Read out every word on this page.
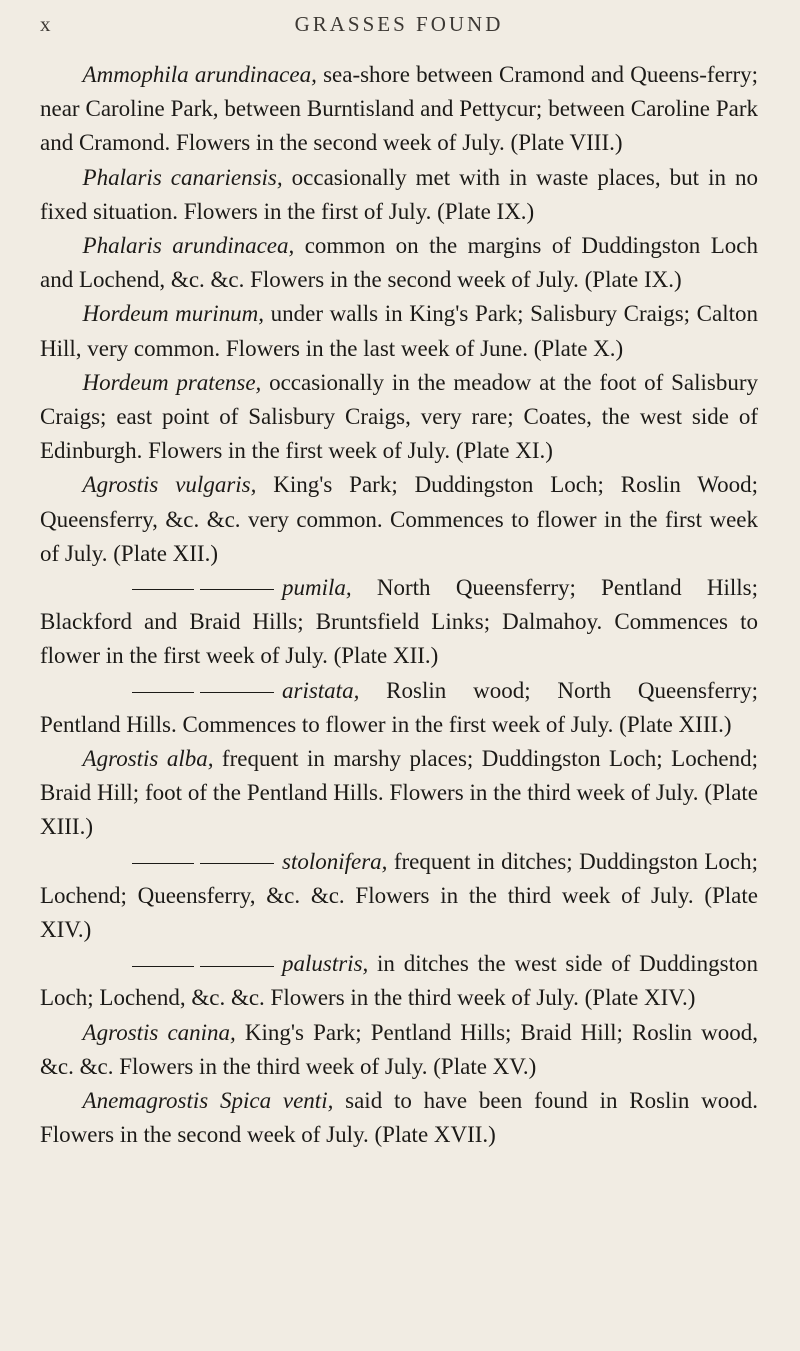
x	GRASSES FOUND

Ammophila arundinacea, sea-shore between Cramond and Queens-ferry; near Caroline Park, between Burntisland and Pettycur; between Caroline Park and Cramond. Flowers in the second week of July. (Plate VIII.)

Phalaris canariensis, occasionally met with in waste places, but in no fixed situation. Flowers in the first of July. (Plate IX.)

Phalaris arundinacea, common on the margins of Duddingston Loch and Lochend, &c. &c. Flowers in the second week of July. (Plate IX.)

Hordeum murinum, under walls in King's Park; Salisbury Craigs; Calton Hill, very common. Flowers in the last week of June. (Plate X.)

Hordeum pratense, occasionally in the meadow at the foot of Salisbury Craigs; east point of Salisbury Craigs, very rare; Coates, the west side of Edinburgh. Flowers in the first week of July. (Plate XI.)

Agrostis vulgaris, King's Park; Duddingston Loch; Roslin Wood; Queensferry, &c. &c. very common. Commences to flower in the first week of July. (Plate XII.)

pumila, North Queensferry; Pentland Hills; Blackford and Braid Hills; Bruntsfield Links; Dalmahoy. Commences to flower in the first week of July. (Plate XII.)

aristata, Roslin wood; North Queensferry; Pentland Hills. Commences to flower in the first week of July. (Plate XIII.)

Agrostis alba, frequent in marshy places; Duddingston Loch; Lochend; Braid Hill; foot of the Pentland Hills. Flowers in the third week of July. (Plate XIII.)

stolonifera, frequent in ditches; Duddingston Loch; Lochend; Queensferry, &c. &c. Flowers in the third week of July. (Plate XIV.)

palustris, in ditches the west side of Duddingston Loch; Lochend, &c. &c. Flowers in the third week of July. (Plate XIV.)

Agrostis canina, King's Park; Pentland Hills; Braid Hill; Roslin wood, &c. &c. Flowers in the third week of July. (Plate XV.)

Anemagrostis Spica venti, said to have been found in Roslin wood. Flowers in the second week of July. (Plate XVII.)
